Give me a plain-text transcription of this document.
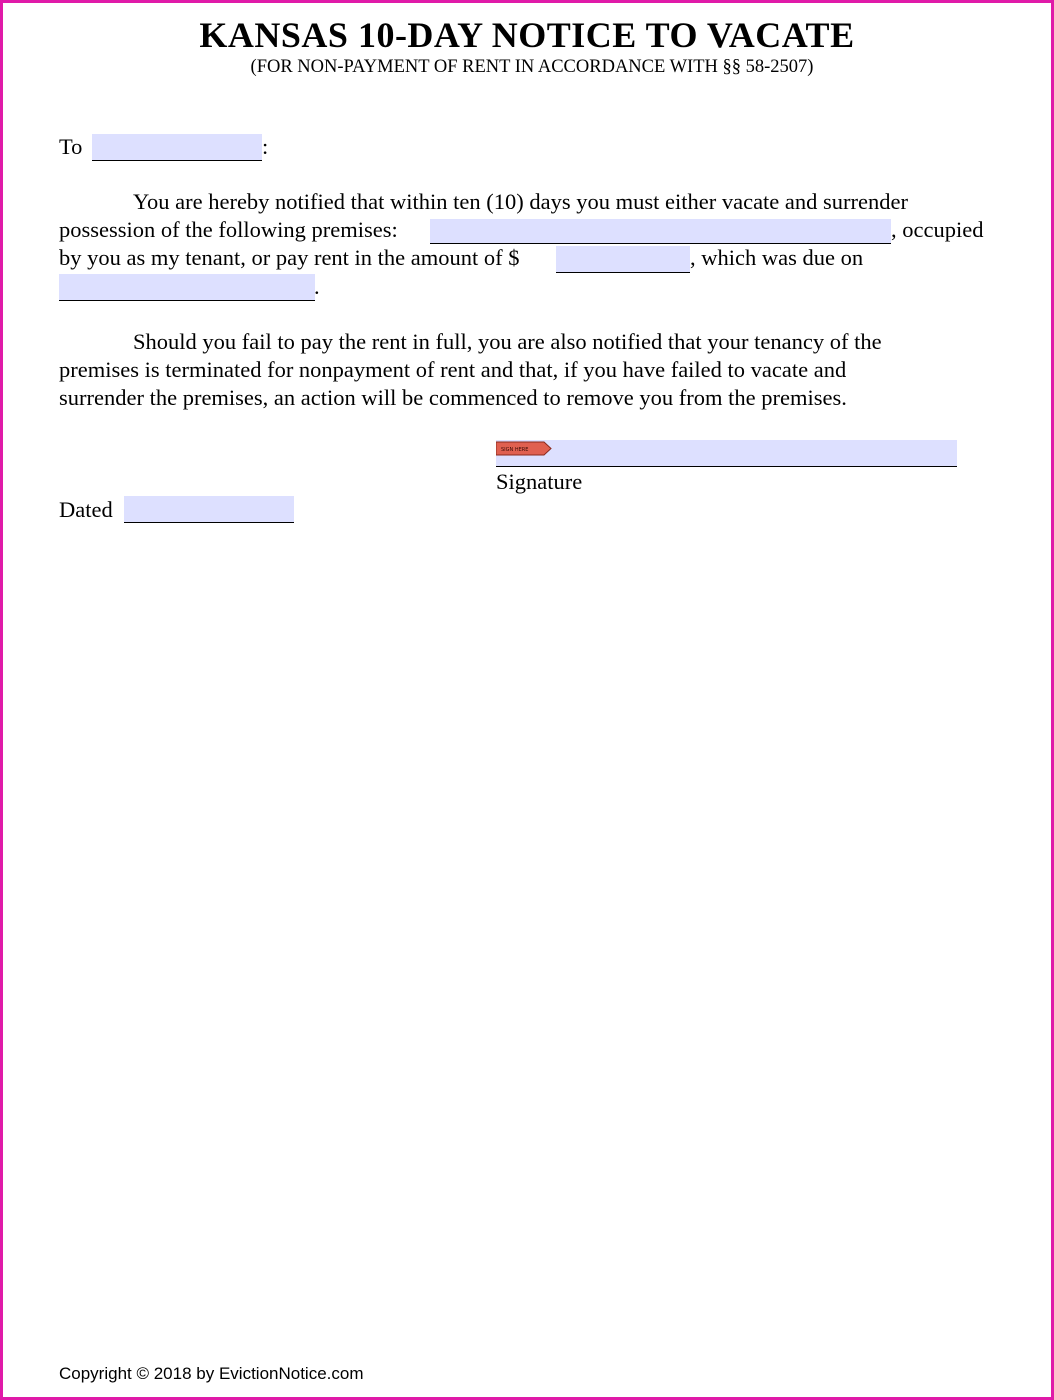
KANSAS 10-DAY NOTICE TO VACATE
(FOR NON-PAYMENT OF RENT IN ACCORDANCE WITH §§ 58-2507)
To	:
You are hereby notified that within ten (10) days you must either vacate and surrender
possession of the following premises:	, occupied
by you as my tenant, or pay rent in the amount of $	, which was due on
.
Should you fail to pay the rent in full, you are also notified that your tenancy of the
premises is terminated for nonpayment of rent and that, if you have failed to vacate and
surrender the premises, an action will be commenced to remove you from the premises.
SIGN HERE
Signature
Dated
Copyright © 2018 by EvictionNotice.com
